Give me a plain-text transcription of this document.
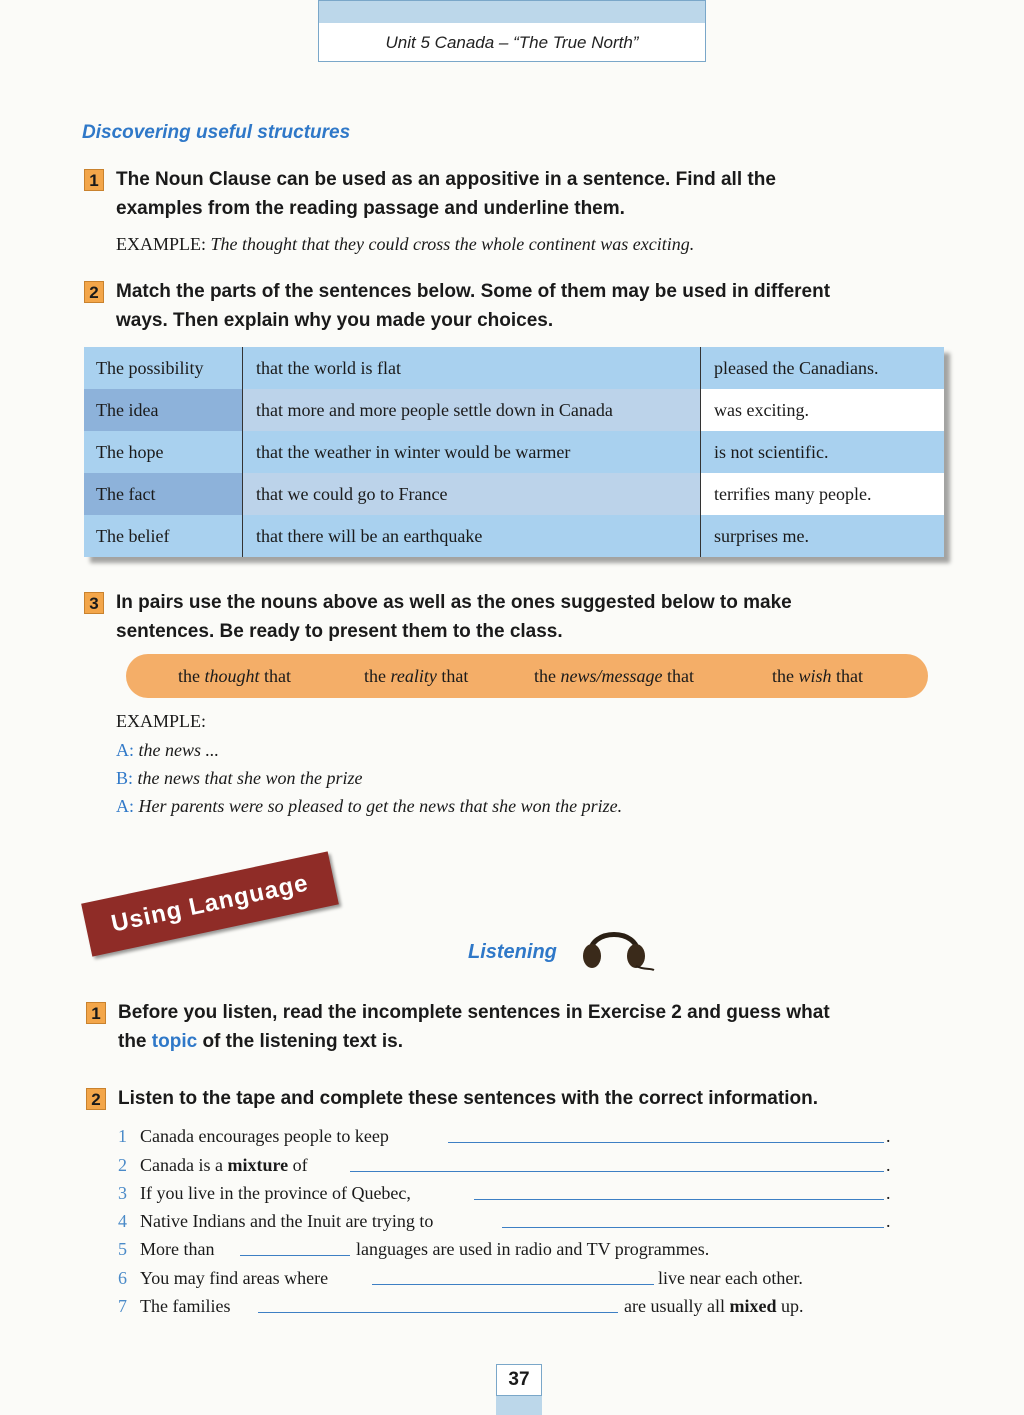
Unit 5 Canada – “The True North”
Discovering useful structures
1 The Noun Clause can be used as an appositive in a sentence. Find all the
examples from the reading passage and underline them.
EXAMPLE: The thought that they could cross the whole continent was exciting.
2 Match the parts of the sentences below. Some of them may be used in different
ways. Then explain why you made your choices.
The possibility	that the world is flat	pleased the Canadians.
The idea	that more and more people settle down in Canada	was exciting.
The hope	that the weather in winter would be warmer	is not scientific.
The fact	that we could go to France	terrifies many people.
The belief	that there will be an earthquake	surprises me.
3 In pairs use the nouns above as well as the ones suggested below to make
sentences. Be ready to present them to the class.
the thought that	the reality that	the news/message that	the wish that
EXAMPLE:
A: the news ...
B: the news that she won the prize
A: Her parents were so pleased to get the news that she won the prize.
Using Language
Listening
1 Before you listen, read the incomplete sentences in Exercise 2 and guess what
the topic of the listening text is.
2 Listen to the tape and complete these sentences with the correct information.
1 Canada encourages people to keep	.
2 Canada is a mixture of	.
3 If you live in the province of Quebec,	.
4 Native Indians and the Inuit are trying to	.
5 More than	languages are used in radio and TV programmes.
6 You may find areas where	live near each other.
7 The families	are usually all mixed up.
37
